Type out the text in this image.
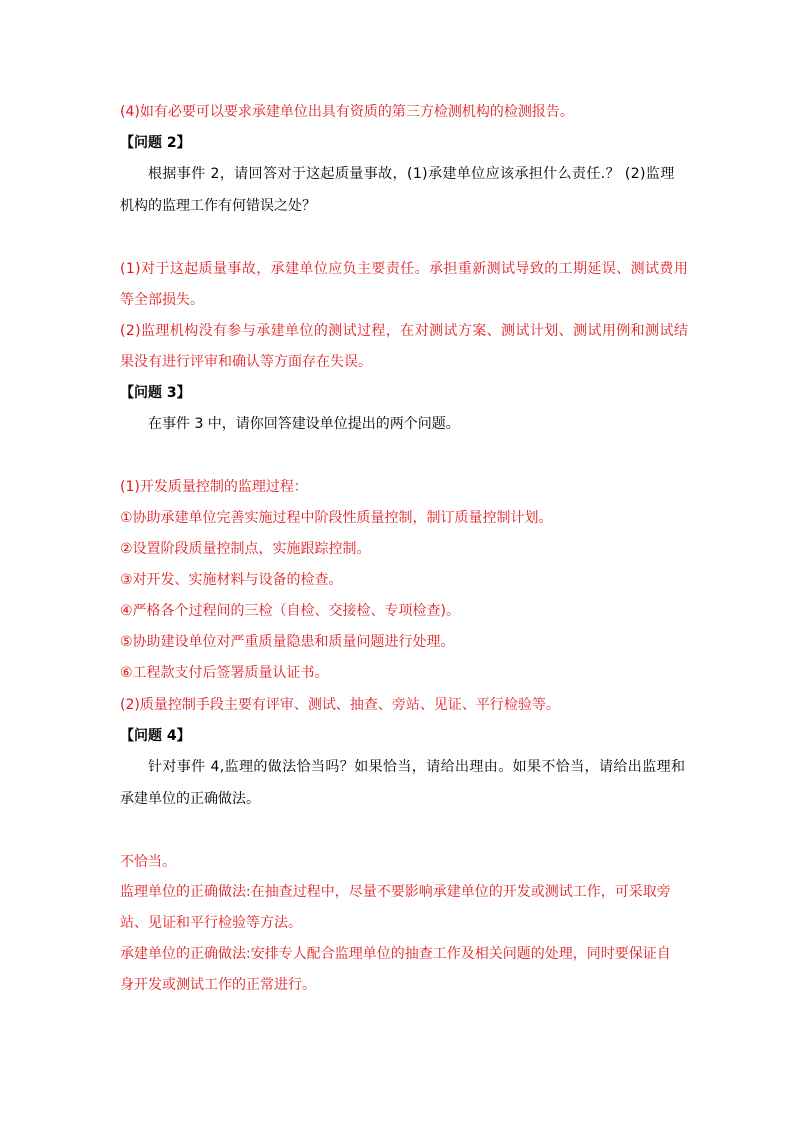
(4)如有必要可以要求承建单位出具有资质的第三方检测机构的检测报告。
【问题 2】
根据事件 2，请回答对于这起质量事故，(1)承建单位应该承担什么责任.？ (2)监理
机构的监理工作有何错误之处？
(1)对于这起质量事故，承建单位应负主要责任。承担重新测试导致的工期延误、测试费用
等全部损失。
(2)监理机构没有参与承建单位的测试过程，在对测试方案、测试计划、测试用例和测试结
果没有进行评审和确认等方面存在失误。
【问题 3】
在事件 3 中，请你回答建设单位提出的两个问题。
(1)开发质量控制的监理过程：
①协助承建单位完善实施过程中阶段性质量控制，制订质量控制计划。
②设置阶段质量控制点，实施跟踪控制。
③对开发、实施材料与设备的检查。
④严格各个过程间的三检（自检、交接检、专项检查)。
⑤协助建设单位对严重质量隐患和质量问题进行处理。
⑥工程款支付后签署质量认证书。
(2)质量控制手段主要有评审、测试、抽查、旁站、见证、平行检验等。
【问题 4】
针对事件 4,监理的做法恰当吗？如果恰当，请给出理由。如果不恰当，请给出监理和
承建单位的正确做法。
不恰当。
监理单位的正确做法:在抽查过程中，尽量不要影响承建单位的开发或测试工作，可采取旁
站、见证和平行检验等方法。
承建单位的正确做法:安排专人配合监理单位的抽查工作及相关问题的处理，同时要保证自
身开发或测试工作的正常进行。
